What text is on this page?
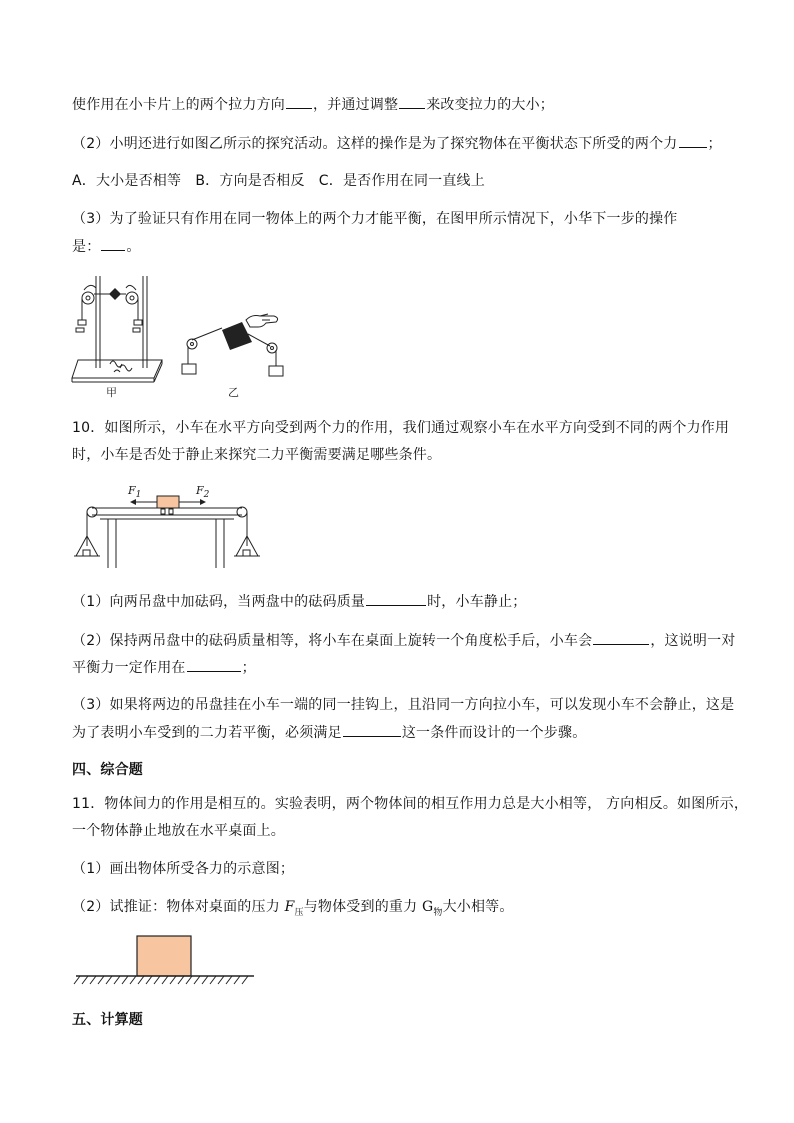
使作用在小卡片上的两个拉力方向 ，并通过调整 来改变拉力的大小；
（2）小明还进行如图乙所示的探究活动。这样的操作是为了探究物体在平衡状态下所受的两个力 ；
A．大小是否相等　B．方向是否相反　C．是否作用在同一直线上
（3）为了验证只有作用在同一物体上的两个力才能平衡，在图甲所示情况下，小华下一步的操作
是： 。
甲	乙
10．如图所示，小车在水平方向受到两个力的作用，我们通过观察小车在水平方向受到不同的两个力作用
时，小车是否处于静止来探究二力平衡需要满足哪些条件。
$F_1$	$F_2$
（1）向两吊盘中加砝码，当两盘中的砝码质量	时，小车静止；
（2）保持两吊盘中的砝码质量相等，将小车在桌面上旋转一个角度松手后，小车会	，这说明一对
平衡力一定作用在	；
（3）如果将两边的吊盘挂在小车一端的同一挂钩上，且沿同一方向拉小车，可以发现小车不会静止，这是
为了表明小车受到的二力若平衡，必须满足	这一条件而设计的一个步骤。
四、综合题
11．物体间力的作用是相互的。实验表明，两个物体间的相互作用力总是大小相等， 方向相反。如图所示，
一个物体静止地放在水平桌面上。
（1）画出物体所受各力的示意图；
（2）试推证：物体对桌面的压力 $F_压$与物体受到的重力 $G_物$大小相等。
五、计算题
